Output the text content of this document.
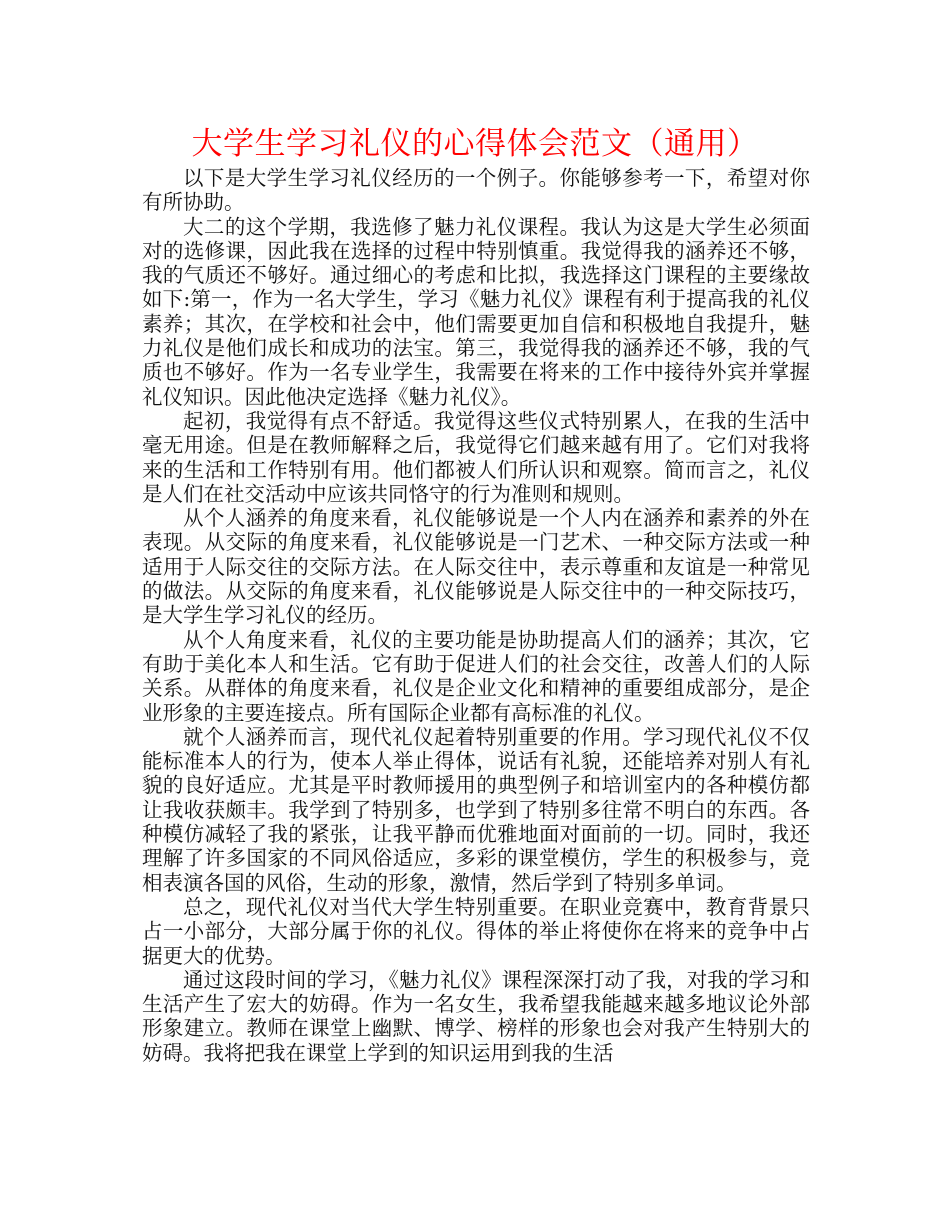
大学生学习礼仪的心得体会范文（通用）

以下是大学生学习礼仪经历的一个例子。你能够参考一下，希望对你有所协助。

大二的这个学期，我选修了魅力礼仪课程。我认为这是大学生必须面对的选修课，因此我在选择的过程中特别慎重。我觉得我的涵养还不够，我的气质还不够好。通过细心的考虑和比拟，我选择这门课程的主要缘故如下:第一，作为一名大学生，学习《魅力礼仪》课程有利于提高我的礼仪素养；其次，在学校和社会中，他们需要更加自信和积极地自我提升，魅力礼仪是他们成长和成功的法宝。第三，我觉得我的涵养还不够，我的气质也不够好。作为一名专业学生，我需要在将来的工作中接待外宾并掌握礼仪知识。因此他决定选择《魅力礼仪》。

起初，我觉得有点不舒适。我觉得这些仪式特别累人，在我的生活中毫无用途。但是在教师解释之后，我觉得它们越来越有用了。它们对我将来的生活和工作特别有用。他们都被人们所认识和观察。简而言之，礼仪是人们在社交活动中应该共同恪守的行为准则和规则。

从个人涵养的角度来看，礼仪能够说是一个人内在涵养和素养的外在表现。从交际的角度来看，礼仪能够说是一门艺术、一种交际方法或一种适用于人际交往的交际方法。在人际交往中，表示尊重和友谊是一种常见的做法。从交际的角度来看，礼仪能够说是人际交往中的一种交际技巧，是大学生学习礼仪的经历。

从个人角度来看，礼仪的主要功能是协助提高人们的涵养；其次，它有助于美化本人和生活。它有助于促进人们的社会交往，改善人们的人际关系。从群体的角度来看，礼仪是企业文化和精神的重要组成部分，是企业形象的主要连接点。所有国际企业都有高标准的礼仪。

就个人涵养而言，现代礼仪起着特别重要的作用。学习现代礼仪不仅能标准本人的行为，使本人举止得体，说话有礼貌，还能培养对别人有礼貌的良好适应。尤其是平时教师援用的典型例子和培训室内的各种模仿都让我收获颇丰。我学到了特别多，也学到了特别多往常不明白的东西。各种模仿减轻了我的紧张，让我平静而优雅地面对面前的一切。同时，我还理解了许多国家的不同风俗适应，多彩的课堂模仿，学生的积极参与，竞相表演各国的风俗，生动的形象，激情，然后学到了特别多单词。

总之，现代礼仪对当代大学生特别重要。在职业竞赛中，教育背景只占一小部分，大部分属于你的礼仪。得体的举止将使你在将来的竞争中占据更大的优势。

通过这段时间的学习，《魅力礼仪》课程深深打动了我，对我的学习和生活产生了宏大的妨碍。作为一名女生，我希望我能越来越多地议论外部形象建立。教师在课堂上幽默、博学、榜样的形象也会对我产生特别大的妨碍。我将把我在课堂上学到的知识运用到我的生活
